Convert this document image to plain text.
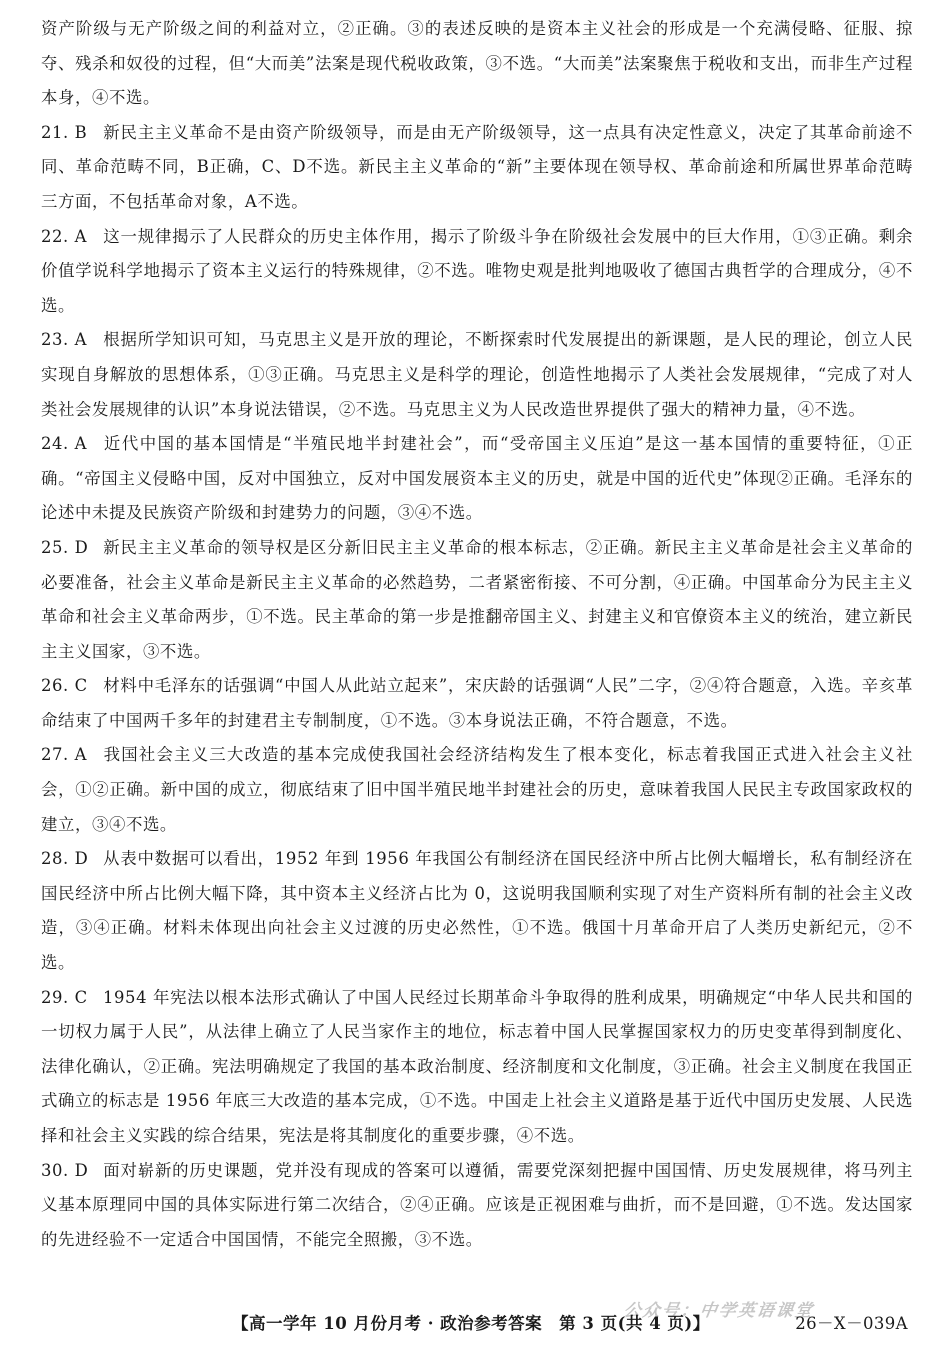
资产阶级与无产阶级之间的利益对立，②正确。③的表述反映的是资本主义社会的形成是一个充满侵略、征服、掠夺、残杀和奴役的过程，但“大而美”法案是现代税收政策，③不选。“大而美”法案聚焦于税收和支出，而非生产过程本身，④不选。

21. B 新民主主义革命不是由资产阶级领导，而是由无产阶级领导，这一点具有决定性意义，决定了其革命前途不同、革命范畴不同，B正确，C、D不选。新民主主义革命的“新”主要体现在领导权、革命前途和所属世界革命范畴三方面，不包括革命对象，A不选。

22. A 这一规律揭示了人民群众的历史主体作用，揭示了阶级斗争在阶级社会发展中的巨大作用，①③正确。剩余价值学说科学地揭示了资本主义运行的特殊规律，②不选。唯物史观是批判地吸收了德国古典哲学的合理成分，④不选。

23. A 根据所学知识可知，马克思主义是开放的理论，不断探索时代发展提出的新课题，是人民的理论，创立人民实现自身解放的思想体系，①③正确。马克思主义是科学的理论，创造性地揭示了人类社会发展规律，“完成了对人类社会发展规律的认识”本身说法错误，②不选。马克思主义为人民改造世界提供了强大的精神力量，④不选。

24. A 近代中国的基本国情是“半殖民地半封建社会”，而“受帝国主义压迫”是这一基本国情的重要特征，①正确。“帝国主义侵略中国，反对中国独立，反对中国发展资本主义的历史，就是中国的近代史”体现②正确。毛泽东的论述中未提及民族资产阶级和封建势力的问题，③④不选。

25. D 新民主主义革命的领导权是区分新旧民主主义革命的根本标志，②正确。新民主主义革命是社会主义革命的必要准备，社会主义革命是新民主主义革命的必然趋势，二者紧密衔接、不可分割，④正确。中国革命分为民主主义革命和社会主义革命两步，①不选。民主革命的第一步是推翻帝国主义、封建主义和官僚资本主义的统治，建立新民主主义国家，③不选。

26. C 材料中毛泽东的话强调“中国人从此站立起来”，宋庆龄的话强调“人民”二字，②④符合题意，入选。辛亥革命结束了中国两千多年的封建君主专制制度，①不选。③本身说法正确，不符合题意，不选。

27. A 我国社会主义三大改造的基本完成使我国社会经济结构发生了根本变化，标志着我国正式进入社会主义社会，①②正确。新中国的成立，彻底结束了旧中国半殖民地半封建社会的历史，意味着我国人民民主专政国家政权的建立，③④不选。

28. D 从表中数据可以看出，1952 年到 1956 年我国公有制经济在国民经济中所占比例大幅增长，私有制经济在国民经济中所占比例大幅下降，其中资本主义经济占比为 0，这说明我国顺利实现了对生产资料所有制的社会主义改造，③④正确。材料未体现出向社会主义过渡的历史必然性，①不选。俄国十月革命开启了人类历史新纪元，②不选。

29. C 1954 年宪法以根本法形式确认了中国人民经过长期革命斗争取得的胜利成果，明确规定“中华人民共和国的一切权力属于人民”，从法律上确立了人民当家作主的地位，标志着中国人民掌握国家权力的历史变革得到制度化、法律化确认，②正确。宪法明确规定了我国的基本政治制度、经济制度和文化制度，③正确。社会主义制度在我国正式确立的标志是 1956 年底三大改造的基本完成，①不选。中国走上社会主义道路是基于近代中国历史发展、人民选择和社会主义实践的综合结果，宪法是将其制度化的重要步骤，④不选。

30. D 面对崭新的历史课题，党并没有现成的答案可以遵循，需要党深刻把握中国国情、历史发展规律，将马列主义基本原理同中国的具体实际进行第二次结合，②④正确。应该是正视困难与曲折，而不是回避，①不选。发达国家的先进经验不一定适合中国国情，不能完全照搬，③不选。

公众号：中学英语课堂
【高一学年 10 月份月考 · 政治参考答案　第 3 页(共 4 页)】	26－X－039A
